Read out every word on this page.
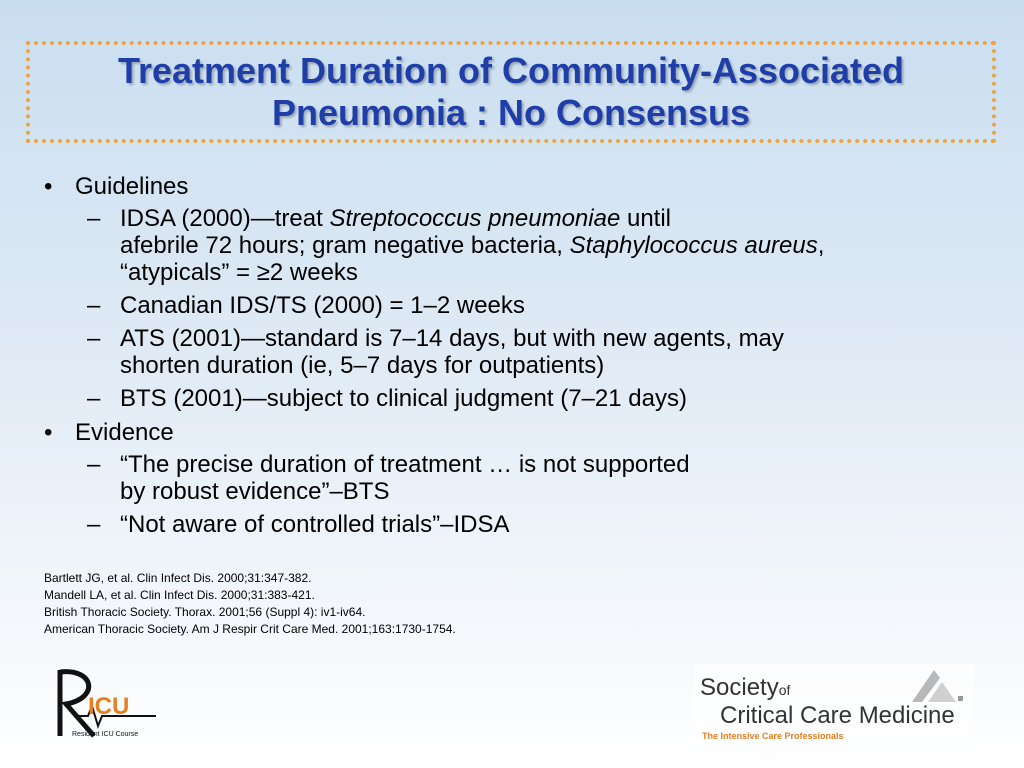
Treatment Duration of Community-Associated
Pneumonia : No Consensus
• Guidelines
– IDSA (2000)—treat Streptococcus pneumoniae until
afebrile 72 hours; gram negative bacteria, Staphylococcus aureus,
“atypicals” = ≥2 weeks
– Canadian IDS/TS (2000) = 1–2 weeks
– ATS (2001)—standard is 7–14 days, but with new agents, may
shorten duration (ie, 5–7 days for outpatients)
– BTS (2001)—subject to clinical judgment (7–21 days)
• Evidence
– “The precise duration of treatment … is not supported
by robust evidence”–BTS
– “Not aware of controlled trials”–IDSA
Bartlett JG, et al. Clin Infect Dis. 2000;31:347-382.
Mandell LA, et al. Clin Infect Dis. 2000;31:383-421.
British Thoracic Society. Thorax. 2001;56 (Suppl 4): iv1-iv64.
American Thoracic Society. Am J Respir Crit Care Med. 2001;163:1730-1754.
ICU
Resident ICU Course
Societyof
Critical Care Medicine
The Intensive Care Professionals
